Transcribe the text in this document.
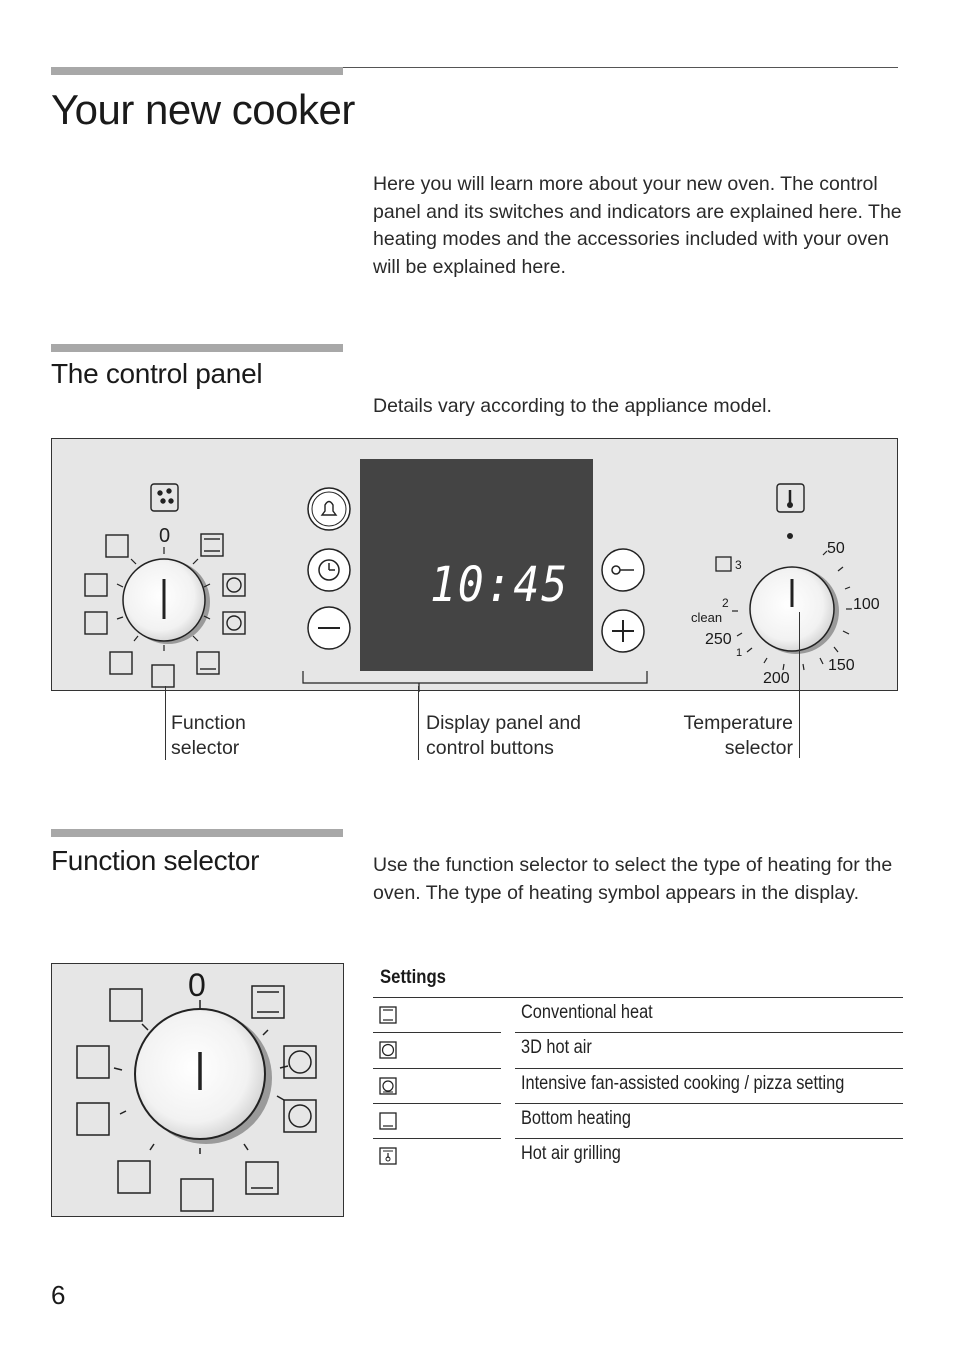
Your new cooker
Here you will learn more about your new oven. The control panel and its switches and indicators are explained here. The heating modes and the accessories included with your oven will be explained here.
The control panel
Details vary according to the appliance model.
0
10:45
50
100
150
200
250
clean
1
2
3
Function
selector
Display panel and
control buttons
Temperature
selector
Function selector	Use the function selector to select the type of heating for the oven. The type of heating symbol appears in the display.
0	Settings
Conventional heat
3D hot air
Intensive fan-assisted cooking / pizza setting
Bottom heating
Hot air grilling
6
